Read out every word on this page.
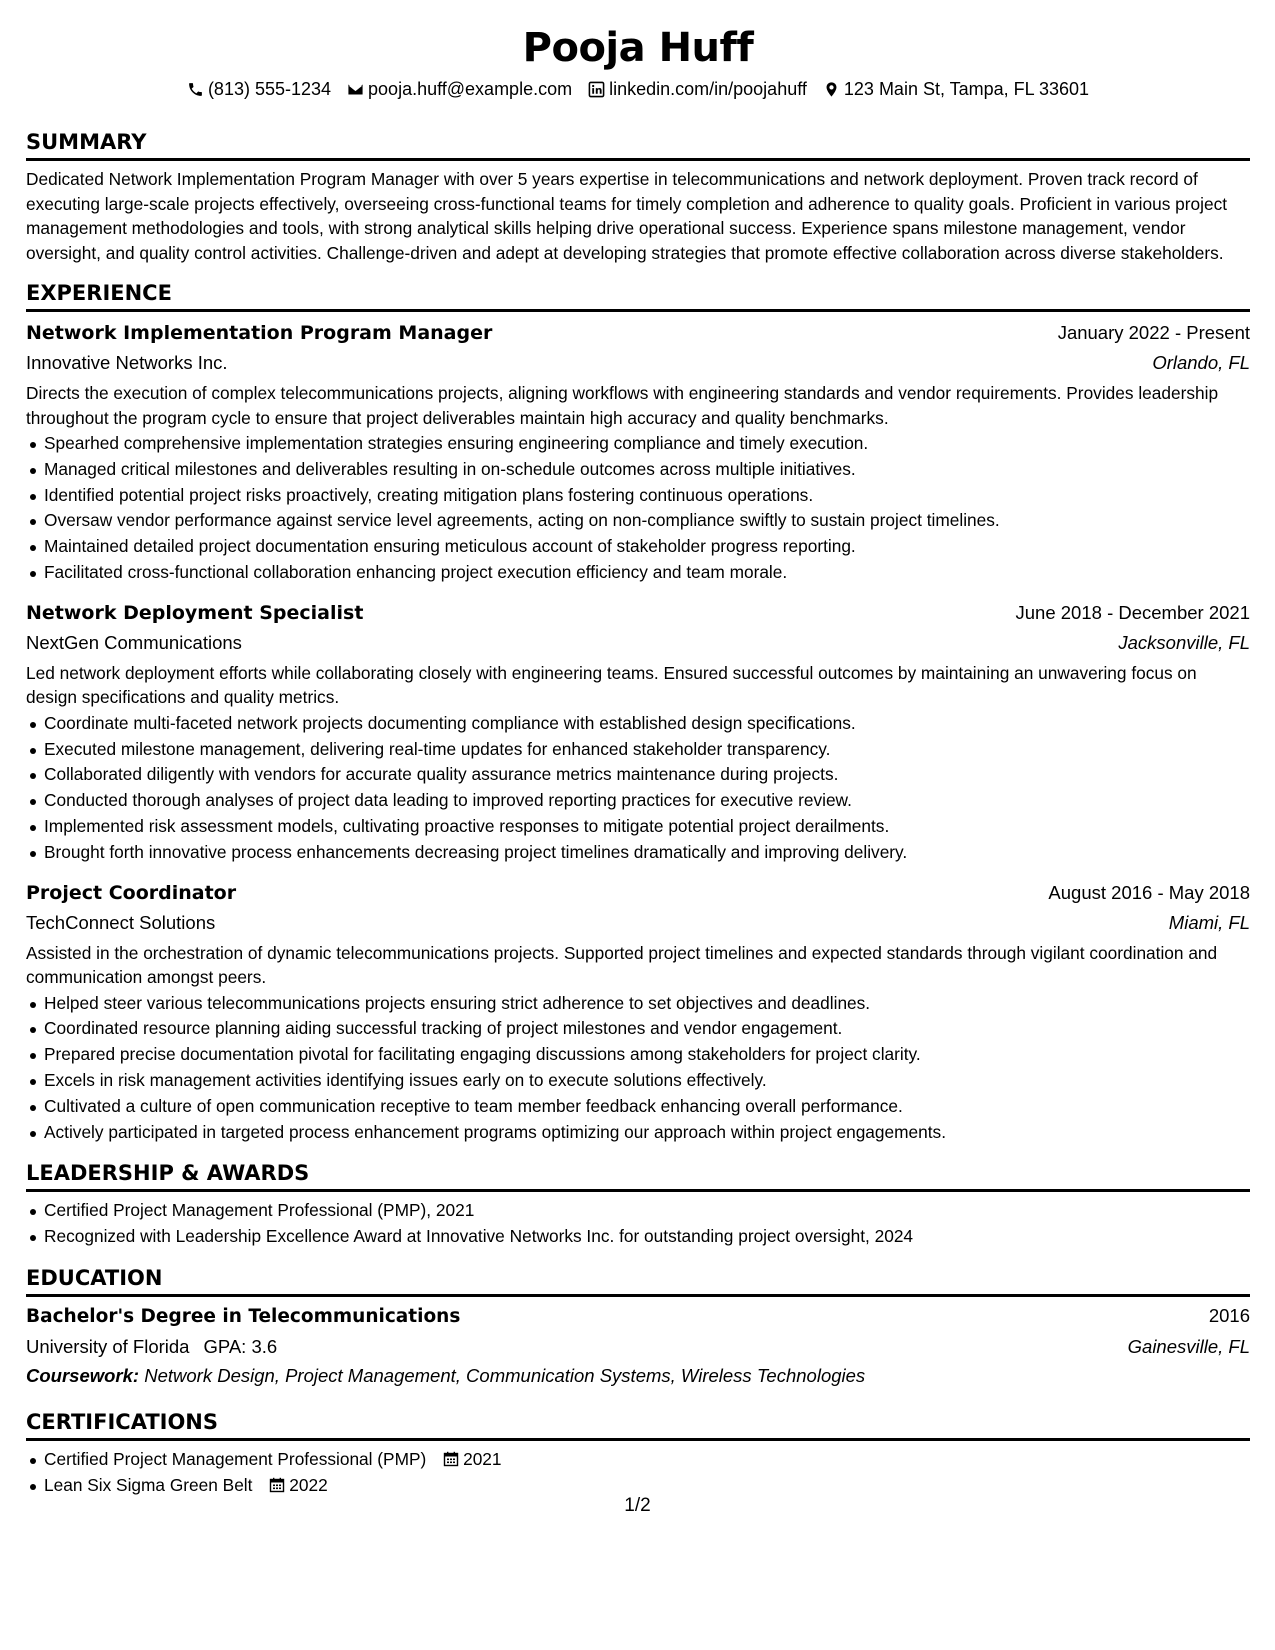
Pooja Huff
(813) 555-1234 pooja.huff@example.com linkedin.com/in/poojahuff 123 Main St, Tampa, FL 33601
SUMMARY

Dedicated Network Implementation Program Manager with over 5 years expertise in telecommunications and network deployment. Proven track record of executing large-scale projects effectively, overseeing cross-functional teams for timely completion and adherence to quality goals. Proficient in various project management methodologies and tools, with strong analytical skills helping drive operational success. Experience spans milestone management, vendor oversight, and quality control activities. Challenge-driven and adept at developing strategies that promote effective collaboration across diverse stakeholders.

EXPERIENCE
Network Implementation Program Manager	January 2022 - Present
Innovative Networks Inc.	Orlando, FL

Directs the execution of complex telecommunications projects, aligning workflows with engineering standards and vendor requirements. Provides leadership throughout the program cycle to ensure that project deliverables maintain high accuracy and quality benchmarks.

Spearhed comprehensive implementation strategies ensuring engineering compliance and timely execution.
Managed critical milestones and deliverables resulting in on-schedule outcomes across multiple initiatives.
Identified potential project risks proactively, creating mitigation plans fostering continuous operations.
Oversaw vendor performance against service level agreements, acting on non-compliance swiftly to sustain project timelines.
Maintained detailed project documentation ensuring meticulous account of stakeholder progress reporting.
Facilitated cross-functional collaboration enhancing project execution efficiency and team morale.
Network Deployment Specialist	June 2018 - December 2021
NextGen Communications	Jacksonville, FL

Led network deployment efforts while collaborating closely with engineering teams. Ensured successful outcomes by maintaining an unwavering focus on design specifications and quality metrics.

Coordinate multi-faceted network projects documenting compliance with established design specifications.
Executed milestone management, delivering real-time updates for enhanced stakeholder transparency.
Collaborated diligently with vendors for accurate quality assurance metrics maintenance during projects.
Conducted thorough analyses of project data leading to improved reporting practices for executive review.
Implemented risk assessment models, cultivating proactive responses to mitigate potential project derailments.
Brought forth innovative process enhancements decreasing project timelines dramatically and improving delivery.
Project Coordinator	August 2016 - May 2018
TechConnect Solutions	Miami, FL

Assisted in the orchestration of dynamic telecommunications projects. Supported project timelines and expected standards through vigilant coordination and communication amongst peers.

Helped steer various telecommunications projects ensuring strict adherence to set objectives and deadlines.
Coordinated resource planning aiding successful tracking of project milestones and vendor engagement.
Prepared precise documentation pivotal for facilitating engaging discussions among stakeholders for project clarity.
Excels in risk management activities identifying issues early on to execute solutions effectively.
Cultivated a culture of open communication receptive to team member feedback enhancing overall performance.
Actively participated in targeted process enhancement programs optimizing our approach within project engagements.
LEADERSHIP & AWARDS
Certified Project Management Professional (PMP), 2021
Recognized with Leadership Excellence Award at Innovative Networks Inc. for outstanding project oversight, 2024
EDUCATION
Bachelor's Degree in Telecommunications	2016
University of Florida GPA: 3.6	Gainesville, FL
Coursework: Network Design, Project Management, Communication Systems, Wireless Technologies
CERTIFICATIONS
Certified Project Management Professional (PMP) 2021
Lean Six Sigma Green Belt 2022
1/2
